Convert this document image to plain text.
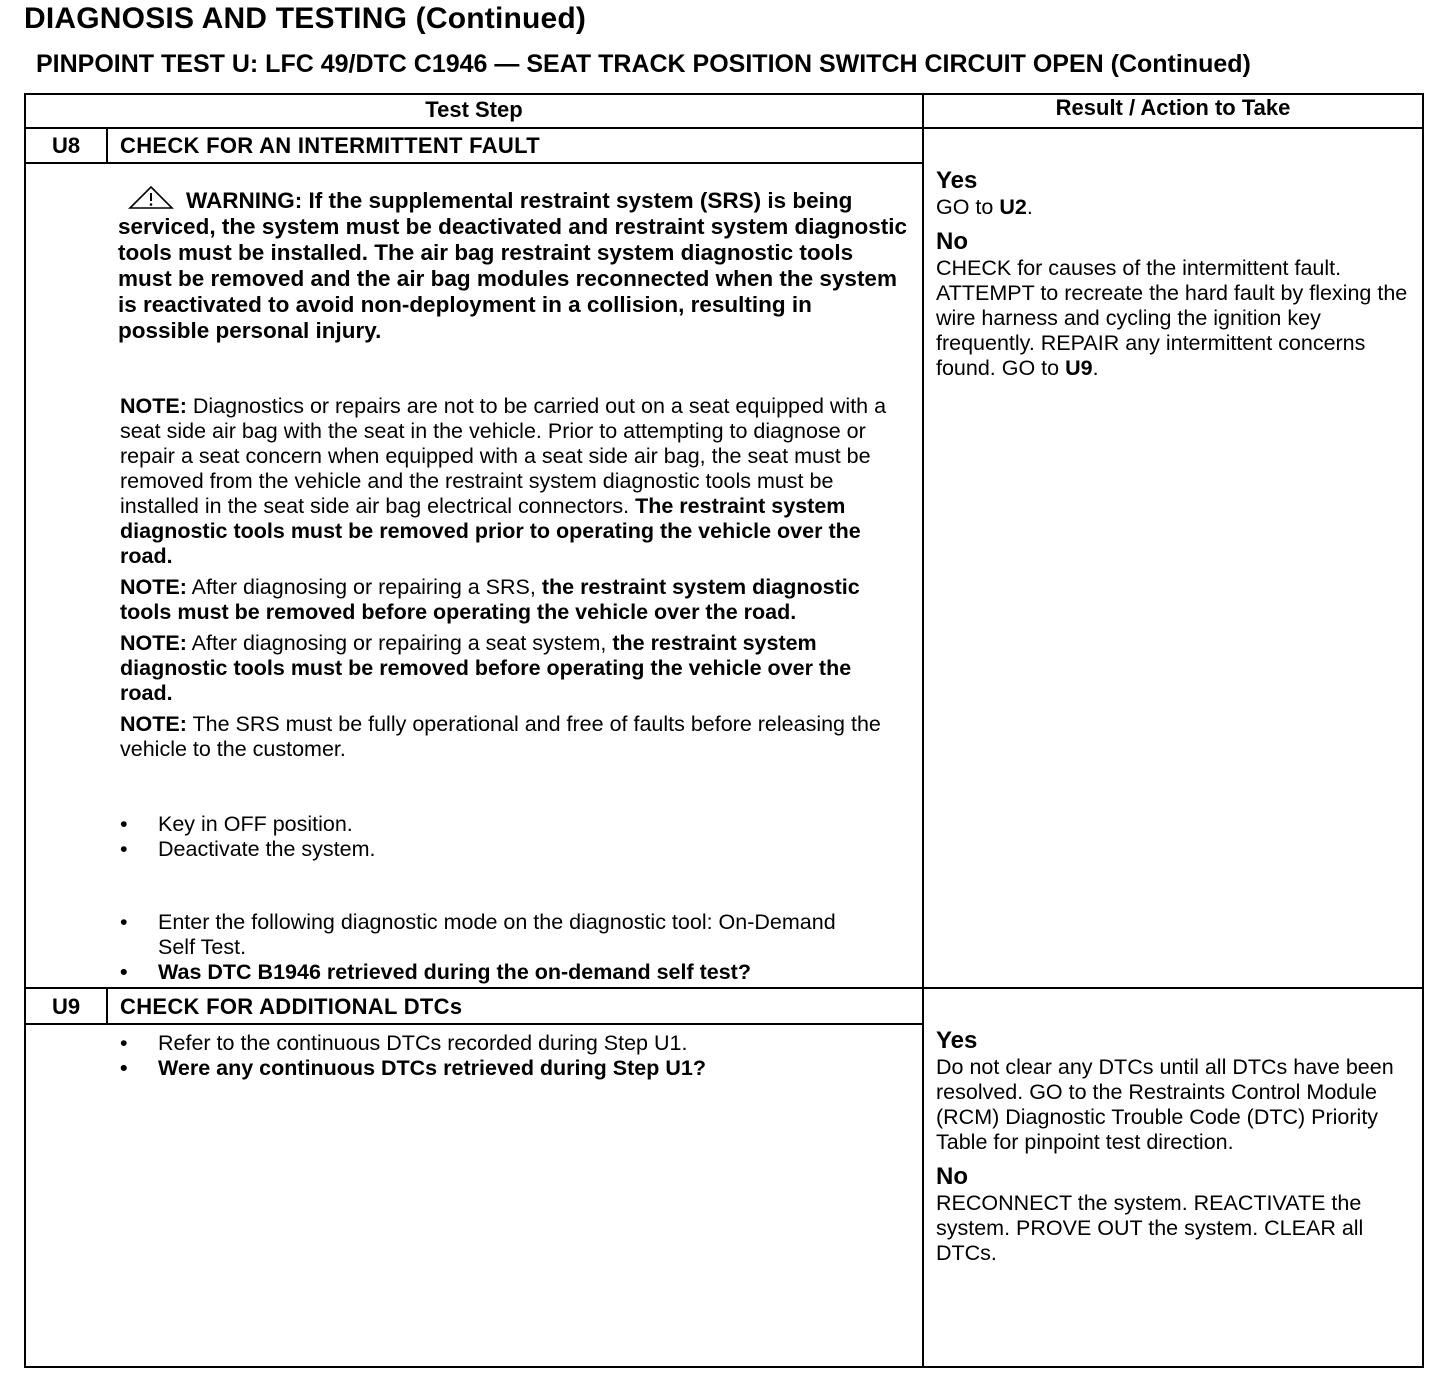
DIAGNOSIS AND TESTING (Continued)
PINPOINT TEST U: LFC 49/DTC C1946 — SEAT TRACK POSITION SWITCH CIRCUIT OPEN (Continued)
Test Step	Result / Action to Take
U8	CHECK FOR AN INTERMITTENT FAULT
WARNING: If the supplemental restraint system (SRS) is being serviced, the system must be deactivated and restraint system diagnostic tools must be installed. The air bag restraint system diagnostic tools must be removed and the air bag modules reconnected when the system is reactivated to avoid non-deployment in a collision, resulting in possible personal injury.

NOTE: Diagnostics or repairs are not to be carried out on a seat equipped with a seat side air bag with the seat in the vehicle. Prior to attempting to diagnose or repair a seat concern when equipped with a seat side air bag, the seat must be removed from the vehicle and the restraint system diagnostic tools must be installed in the seat side air bag electrical connectors. The restraint system diagnostic tools must be removed prior to operating the vehicle over the road.

NOTE: After diagnosing or repairing a SRS, the restraint system diagnostic tools must be removed before operating the vehicle over the road.

NOTE: After diagnosing or repairing a seat system, the restraint system diagnostic tools must be removed before operating the vehicle over the road.

NOTE: The SRS must be fully operational and free of faults before releasing the vehicle to the customer.

• Key in OFF position.
• Deactivate the system.
• Enter the following diagnostic mode on the diagnostic tool: On-Demand Self Test.
• Was DTC B1946 retrieved during the on-demand self test?
Yes
GO to U2.
No
CHECK for causes of the intermittent fault. ATTEMPT to recreate the hard fault by flexing the wire harness and cycling the ignition key frequently. REPAIR any intermittent concerns found. GO to U9.
U9	CHECK FOR ADDITIONAL DTCs
• Refer to the continuous DTCs recorded during Step U1.
• Were any continuous DTCs retrieved during Step U1?
Yes
Do not clear any DTCs until all DTCs have been resolved. GO to the Restraints Control Module (RCM) Diagnostic Trouble Code (DTC) Priority Table for pinpoint test direction.
No
RECONNECT the system. REACTIVATE the system. PROVE OUT the system. CLEAR all DTCs.
